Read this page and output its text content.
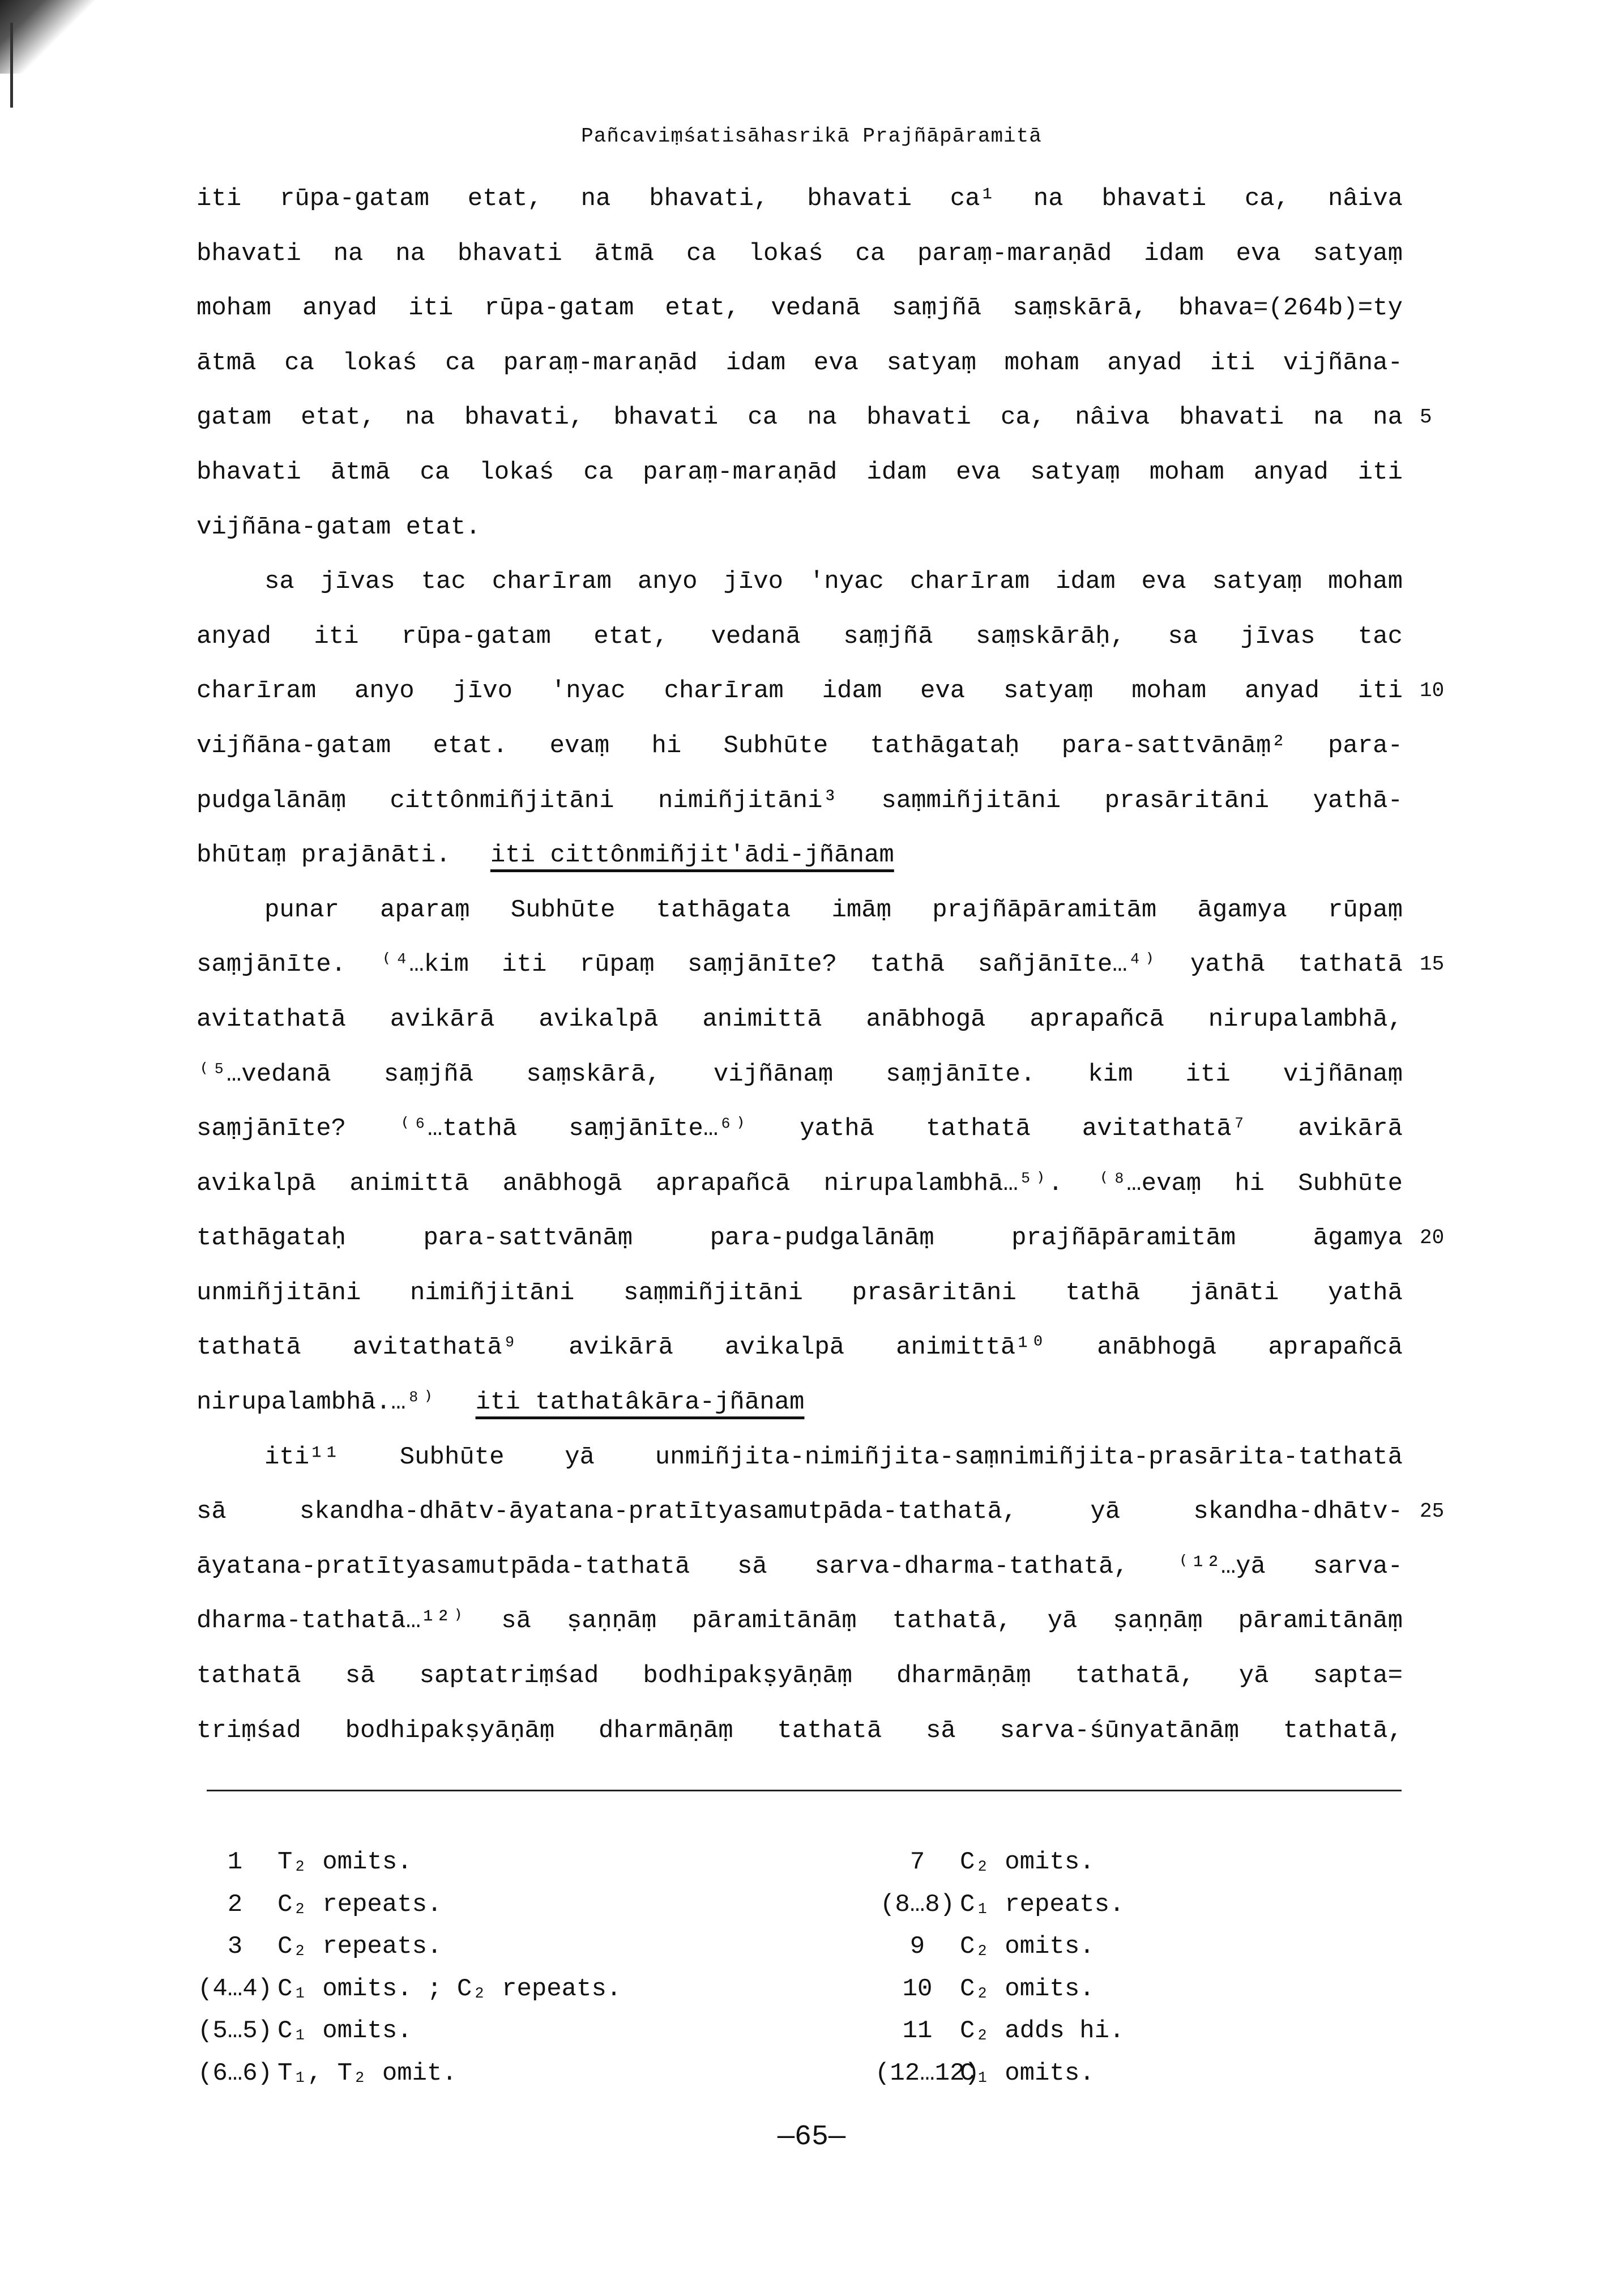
Pañcaviṃśatisāhasrikā Prajñāpāramitā
iti rūpa-gatam etat, na bhavati, bhavati ca¹ na bhavati ca, nâiva
bhavati na na bhavati ātmā ca lokaś ca paraṃ-maraṇād idam eva satyaṃ
moham anyad iti rūpa-gatam etat, vedanā saṃjñā saṃskārā, bhava=(264b)=ty
ātmā ca lokaś ca paraṃ-maraṇād idam eva satyaṃ moham anyad iti vijñāna-
gatam etat, na bhavati, bhavati ca na bhavati ca, nâiva bhavati na na 5
bhavati ātmā ca lokaś ca paraṃ-maraṇād idam eva satyaṃ moham anyad iti
vijñāna-gatam etat.
sa jīvas tac charīram anyo jīvo 'nyac charīram idam eva satyaṃ moham
anyad iti rūpa-gatam etat, vedanā saṃjñā saṃskārāḥ, sa jīvas tac
charīram anyo jīvo 'nyac charīram idam eva satyaṃ moham anyad iti 10
vijñāna-gatam etat. evaṃ hi Subhūte tathāgataḥ para-sattvānāṃ² para-
pudgalānāṃ cittônmiñjitāni nimiñjitāni³ saṃmiñjitāni prasāritāni yathā-
bhūtaṃ prajānāti. iti cittônmiñjit'ādi-jñānam
punar aparaṃ Subhūte tathāgata imāṃ prajñāpāramitām āgamya rūpaṃ
saṃjānīte. ⁽⁴…kim iti rūpaṃ saṃjānīte? tathā sañjānīte…⁴⁾ yathā tathatā 15
avitathatā avikārā avikalpā animittā anābhogā aprapañcā nirupalambhā,
⁽⁵…vedanā saṃjñā saṃskārā, vijñānaṃ saṃjānīte. kim iti vijñānaṃ
saṃjānīte? ⁽⁶…tathā saṃjānīte…⁶⁾ yathā tathatā avitathatā⁷ avikārā
avikalpā animittā anābhogā aprapañcā nirupalambhā…⁵⁾. ⁽⁸…evaṃ hi Subhūte
tathāgataḥ para-sattvānāṃ para-pudgalānāṃ prajñāpāramitām āgamya 20
unmiñjitāni nimiñjitāni saṃmiñjitāni prasāritāni tathā jānāti yathā
tathatā avitathatā⁹ avikārā avikalpā animittā¹⁰ anābhogā aprapañcā
nirupalambhā.…⁸⁾ iti tathatâkāra-jñānam
iti¹¹ Subhūte yā unmiñjita-nimiñjita-saṃnimiñjita-prasārita-tathatā
sā skandha-dhātv-āyatana-pratītyasamutpāda-tathatā, yā skandha-dhātv- 25
āyatana-pratītyasamutpāda-tathatā sā sarva-dharma-tathatā, ⁽¹²…yā sarva-
dharma-tathatā…¹²⁾ sā ṣaṇṇāṃ pāramitānāṃ tathatā, yā ṣaṇṇāṃ pāramitānāṃ
tathatā sā saptatriṃśad bodhipakṣyāṇāṃ dharmāṇāṃ tathatā, yā sapta=
triṃśad bodhipakṣyāṇāṃ dharmāṇāṃ tathatā sā sarva-śūnyatānāṃ tathatā,
1 T₂ omits.
2 C₂ repeats.
3 C₂ repeats.
(4…4) C₁ omits. ; C₂ repeats.
(5…5) C₁ omits.
(6…6) T₁, T₂ omit.
7 C₂ omits.
(8…8) C₁ repeats.
9 C₂ omits.
10 C₂ omits.
11 C₂ adds hi.
(12…12)C₁ omits.
—65—
